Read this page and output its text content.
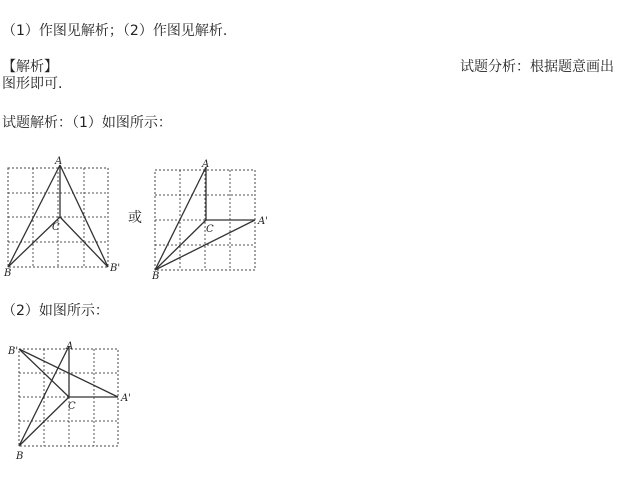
（1）作图见解析；（2）作图见解析.
【解析】	试题分析：根据题意画出
图形即可.
试题解析：（1）如图所示：
或
（2）如图所示：
A
C
B	B'
A
C
B
A'
B'	A
C
B
A'
